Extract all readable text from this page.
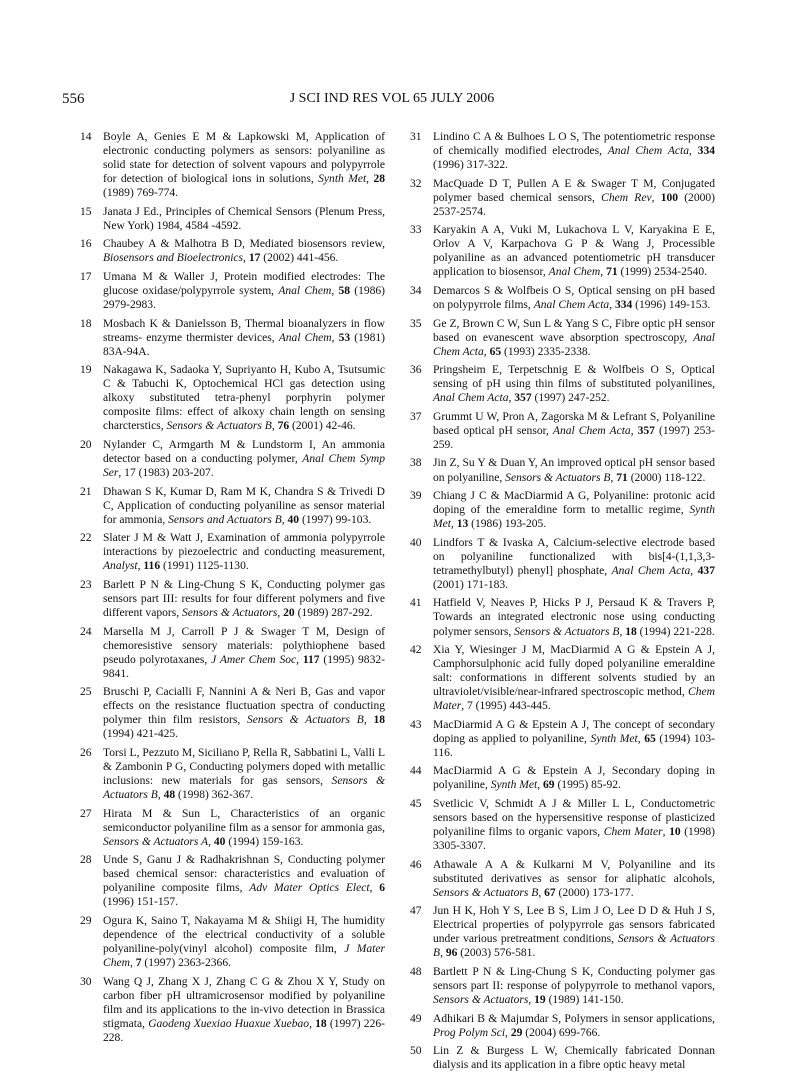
556	J SCI IND RES VOL 65 JULY 2006
14 Boyle A, Genies E M & Lapkowski M, Application of electronic conducting polymers as sensors: polyaniline as solid state for detection of solvent vapours and polypyrrole for detection of biological ions in solutions, Synth Met, 28 (1989) 769-774.
15 Janata J Ed., Principles of Chemical Sensors (Plenum Press, New York) 1984, 4584 -4592.
16 Chaubey A & Malhotra B D, Mediated biosensors review, Biosensors and Bioelectronics, 17 (2002) 441-456.
17 Umana M & Waller J, Protein modified electrodes: The glucose oxidase/polypyrrole system, Anal Chem, 58 (1986) 2979-2983.
18 Mosbach K & Danielsson B, Thermal bioanalyzers in flow streams- enzyme thermister devices, Anal Chem, 53 (1981) 83A-94A.
19 Nakagawa K, Sadaoka Y, Supriyanto H, Kubo A, Tsutsumic C & Tabuchi K, Optochemical HCl gas detection using alkoxy substituted tetra-phenyl porphyrin polymer composite films: effect of alkoxy chain length on sensing charcterstics, Sensors & Actuators B, 76 (2001) 42-46.
20 Nylander C, Armgarth M & Lundstorm I, An ammonia detector based on a conducting polymer, Anal Chem Symp Ser, 17 (1983) 203-207.
21 Dhawan S K, Kumar D, Ram M K, Chandra S & Trivedi D C, Application of conducting polyaniline as sensor material for ammonia, Sensors and Actuators B, 40 (1997) 99-103.
22 Slater J M & Watt J, Examination of ammonia polypyrrole interactions by piezoelectric and conducting measurement, Analyst, 116 (1991) 1125-1130.
23 Barlett P N & Ling-Chung S K, Conducting polymer gas sensors part III: results for four different polymers and five different vapors, Sensors & Actuators, 20 (1989) 287-292.
24 Marsella M J, Carroll P J & Swager T M, Design of chemoresistive sensory materials: polythiophene based pseudo polyrotaxanes, J Amer Chem Soc, 117 (1995) 9832-9841.
25 Bruschi P, Cacialli F, Nannini A & Neri B, Gas and vapor effects on the resistance fluctuation spectra of conducting polymer thin film resistors, Sensors & Actuators B, 18 (1994) 421-425.
26 Torsi L, Pezzuto M, Siciliano P, Rella R, Sabbatini L, Valli L & Zambonin P G, Conducting polymers doped with metallic inclusions: new materials for gas sensors, Sensors & Actuators B, 48 (1998) 362-367.
27 Hirata M & Sun L, Characteristics of an organic semiconductor polyaniline film as a sensor for ammonia gas, Sensors & Actuators A, 40 (1994) 159-163.
28 Unde S, Ganu J & Radhakrishnan S, Conducting polymer based chemical sensor: characteristics and evaluation of polyaniline composite films, Adv Mater Optics Elect, 6 (1996) 151-157.
29 Ogura K, Saino T, Nakayama M & Shiigi H, The humidity dependence of the electrical conductivity of a soluble polyaniline-poly(vinyl alcohol) composite film, J Mater Chem, 7 (1997) 2363-2366.
30 Wang Q J, Zhang X J, Zhang C G & Zhou X Y, Study on carbon fiber pH ultramicrosensor modified by polyaniline film and its applications to the in-vivo detection in Brassica stigmata, Gaodeng Xuexiao Huaxue Xuebao, 18 (1997) 226-228.
31 Lindino C A & Bulhoes L O S, The potentiometric response of chemically modified electrodes, Anal Chem Acta, 334 (1996) 317-322.
32 MacQuade D T, Pullen A E & Swager T M, Conjugated polymer based chemical sensors, Chem Rev, 100 (2000) 2537-2574.
33 Karyakin A A, Vuki M, Lukachova L V, Karyakina E E, Orlov A V, Karpachova G P & Wang J, Processible polyaniline as an advanced potentiometric pH transducer application to biosensor, Anal Chem, 71 (1999) 2534-2540.
34 Demarcos S & Wolfbeis O S, Optical sensing on pH based on polypyrrole films, Anal Chem Acta, 334 (1996) 149-153.
35 Ge Z, Brown C W, Sun L & Yang S C, Fibre optic pH sensor based on evanescent wave absorption spectroscopy, Anal Chem Acta, 65 (1993) 2335-2338.
36 Pringsheim E, Terpetschnig E & Wolfbeis O S, Optical sensing of pH using thin films of substituted polyanilines, Anal Chem Acta, 357 (1997) 247-252.
37 Grummt U W, Pron A, Zagorska M & Lefrant S, Polyaniline based optical pH sensor, Anal Chem Acta, 357 (1997) 253-259.
38 Jin Z, Su Y & Duan Y, An improved optical pH sensor based on polyaniline, Sensors & Actuators B, 71 (2000) 118-122.
39 Chiang J C & MacDiarmid A G, Polyaniline: protonic acid doping of the emeraldine form to metallic regime, Synth Met, 13 (1986) 193-205.
40 Lindfors T & Ivaska A, Calcium-selective electrode based on polyaniline functionalized with bis[4-(1,1,3,3-tetramethylbutyl) phenyl] phosphate, Anal Chem Acta, 437 (2001) 171-183.
41 Hatfield V, Neaves P, Hicks P J, Persaud K & Travers P, Towards an integrated electronic nose using conducting polymer sensors, Sensors & Actuators B, 18 (1994) 221-228.
42 Xia Y, Wiesinger J M, MacDiarmid A G & Epstein A J, Camphorsulphonic acid fully doped polyaniline emeraldine salt: conformations in different solvents studied by an ultraviolet/visible/near-infrared spectroscopic method, Chem Mater, 7 (1995) 443-445.
43 MacDiarmid A G & Epstein A J, The concept of secondary doping as applied to polyaniline, Synth Met, 65 (1994) 103-116.
44 MacDiarmid A G & Epstein A J, Secondary doping in polyaniline, Synth Met, 69 (1995) 85-92.
45 Svetlicic V, Schmidt A J & Miller L L, Conductometric sensors based on the hypersensitive response of plasticized polyaniline films to organic vapors, Chem Mater, 10 (1998) 3305-3307.
46 Athawale A A & Kulkarni M V, Polyaniline and its substituted derivatives as sensor for aliphatic alcohols, Sensors & Actuators B, 67 (2000) 173-177.
47 Jun H K, Hoh Y S, Lee B S, Lim J O, Lee D D & Huh J S, Electrical properties of polypyrrole gas sensors fabricated under various pretreatment conditions, Sensors & Actuators B, 96 (2003) 576-581.
48 Bartlett P N & Ling-Chung S K, Conducting polymer gas sensors part II: response of polypyrrole to methanol vapors, Sensors & Actuators, 19 (1989) 141-150.
49 Adhikari B & Majumdar S, Polymers in sensor applications, Prog Polym Sci, 29 (2004) 699-766.
50 Lin Z & Burgess L W, Chemically fabricated Donnan dialysis and its application in a fibre optic heavy metal
